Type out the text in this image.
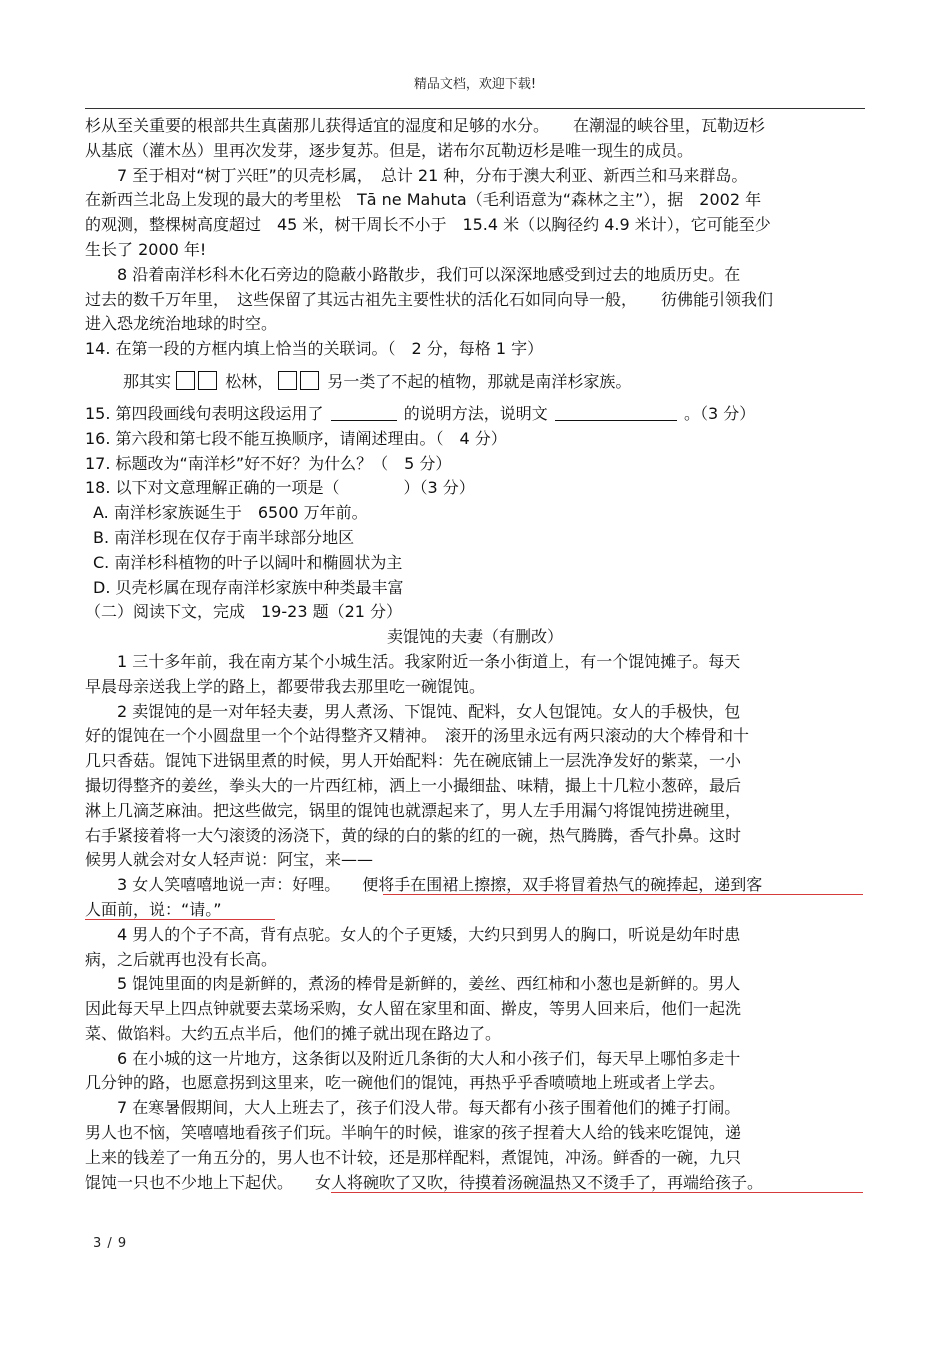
精品文档，欢迎下载!
杉从至关重要的根部共生真菌那儿获得适宜的湿度和足够的水分。　　在潮湿的峡谷里，瓦勒迈杉
从基底（灌木丛）里再次发芽，逐步复苏。但是，诺布尔瓦勒迈杉是唯一现生的成员。
7 至于相对“树丁兴旺”的贝壳杉属，　总计 21 种，分布于澳大利亚、新西兰和马来群岛。
在新西兰北岛上发现的最大的考里松　Tā ne Mahuta（毛利语意为“森林之主”），据　2002 年
的观测，整棵树高度超过　45 米，树干周长不小于　15.4 米（以胸径约 4.9 米计），它可能至少
生长了 2000 年!
8 沿着南洋杉科木化石旁边的隐蔽小路散步，我们可以深深地感受到过去的地质历史。在
过去的数千万年里，　这些保留了其远古祖先主要性状的活化石如同向导一般，　　彷佛能引领我们
进入恐龙统治地球的时空。
14. 在第一段的方框内填上恰当的关联词。（　2 分，每格 1 字）
那其实	松林，	另一类了不起的植物，那就是南洋杉家族。
15. 第四段画线句表明这段运用了	的说明方法，说明文	。（3 分）
16. 第六段和第七段不能互换顺序，请阐述理由。（　4 分）
17. 标题改为“南洋杉”好不好？为什么？（　5 分）
18. 以下对文意理解正确的一项是（　　　　）（3 分）
A. 南洋杉家族诞生于　6500 万年前。
B. 南洋杉现在仅存于南半球部分地区
C. 南洋杉科植物的叶子以阔叶和椭圆状为主
D. 贝壳杉属在现存南洋杉家族中种类最丰富
（二）阅读下文，完成　19-23 题（21 分）
卖馄饨的夫妻（有删改）
1 三十多年前，我在南方某个小城生活。我家附近一条小街道上，有一个馄饨摊子。每天
早晨母亲送我上学的路上，都要带我去那里吃一碗馄饨。
2 卖馄饨的是一对年轻夫妻，男人煮汤、下馄饨、配料，女人包馄饨。女人的手极快，包
好的馄饨在一个小圆盘里一个个站得整齐又精神。　滚开的汤里永远有两只滚动的大个棒骨和十
几只香菇。馄饨下进锅里煮的时候，男人开始配料：先在碗底铺上一层洗净发好的紫菜，一小
撮切得整齐的姜丝，拳头大的一片西红柿，洒上一小撮细盐、味精，撮上十几粒小葱碎，最后
淋上几滴芝麻油。把这些做完，锅里的馄饨也就漂起来了，男人左手用漏勺将馄饨捞进碗里，
右手紧接着将一大勺滚烫的汤浇下，黄的绿的白的紫的红的一碗，热气腾腾，香气扑鼻。这时
候男人就会对女人轻声说：阿宝，来——
3 女人笑嘻嘻地说一声：好哩。 便将手在围裙上擦擦，双手将冒着热气的碗捧起，递到客
人面前，说：“请。”
4 男人的个子不高，背有点驼。女人的个子更矮，大约只到男人的胸口，听说是幼年时患
病，之后就再也没有长高。
5 馄饨里面的肉是新鲜的，煮汤的棒骨是新鲜的，姜丝、西红柿和小葱也是新鲜的。男人
因此每天早上四点钟就要去菜场采购，女人留在家里和面、擀皮，等男人回来后，他们一起洗
菜、做馅料。大约五点半后，他们的摊子就出现在路边了。
6 在小城的这一片地方，这条街以及附近几条街的大人和小孩子们，每天早上哪怕多走十
几分钟的路，也愿意拐到这里来，吃一碗他们的馄饨，再热乎乎香喷喷地上班或者上学去。
7 在寒暑假期间，大人上班去了，孩子们没人带。每天都有小孩子围着他们的摊子打闹。
男人也不恼，笑嘻嘻地看孩子们玩。半晌午的时候，谁家的孩子捏着大人给的钱来吃馄饨，递
上来的钱差了一角五分的，男人也不计较，还是那样配料，煮馄饨，冲汤。鲜香的一碗，九只
馄饨一只也不少地上下起伏。 女人将碗吹了又吹，待摸着汤碗温热又不烫手了，再端给孩子。
3 / 9
